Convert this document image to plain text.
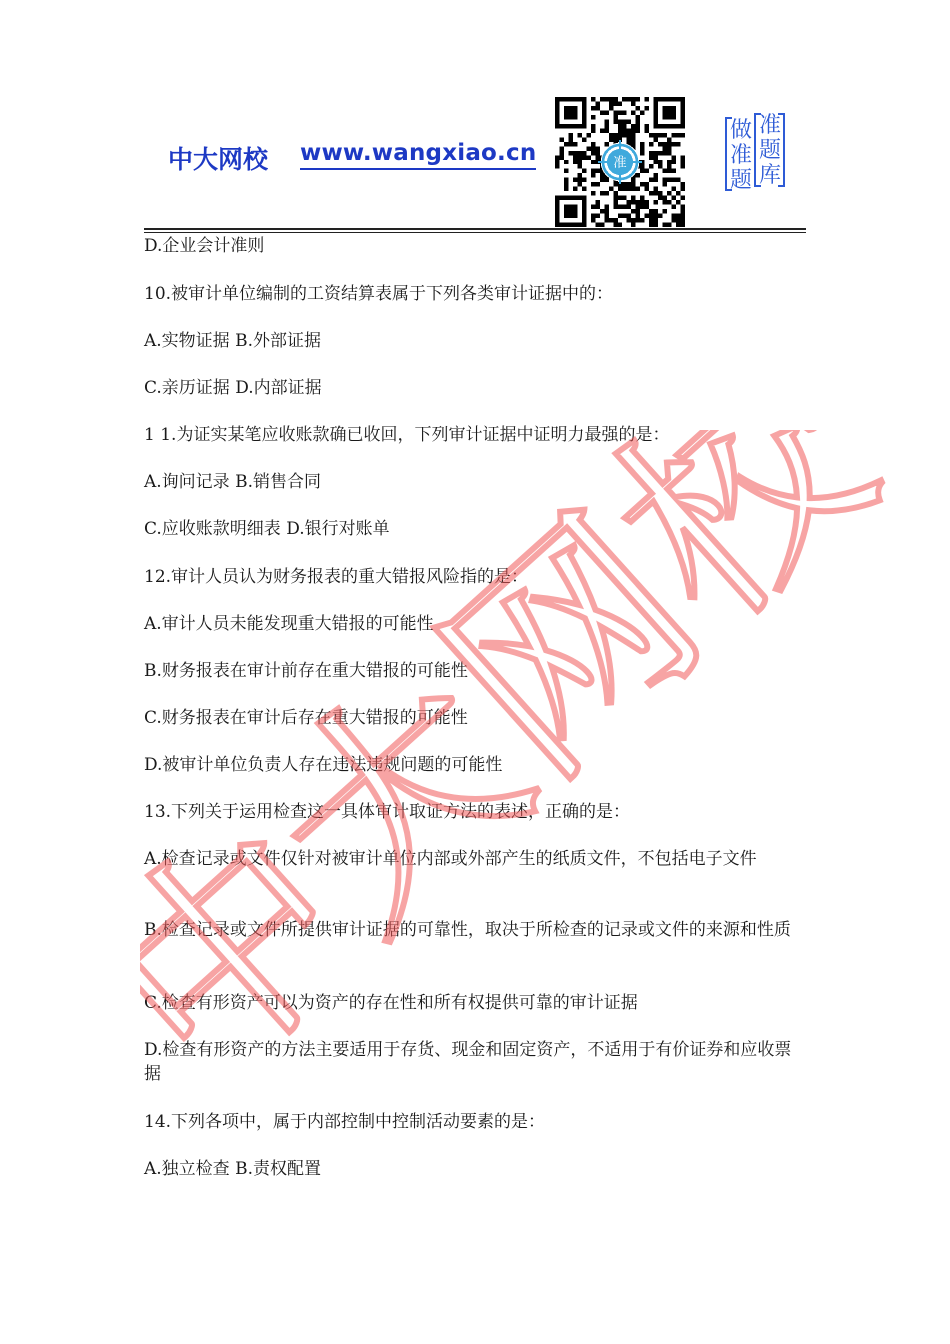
中大网校 www.wangxiao.cn	准
做
准
题
准
题
库

D.企业会计准则

10.被审计单位编制的工资结算表属于下列各类审计证据中的：

A.实物证据 B.外部证据

C.亲历证据 D.内部证据

1 1.为证实某笔应收账款确已收回，下列审计证据中证明力最强的是：

A.询问记录 B.销售合同

C.应收账款明细表 D.银行对账单

12.审计人员认为财务报表的重大错报风险指的是：

A.审计人员未能发现重大错报的可能性

B.财务报表在审计前存在重大错报的可能性

C.财务报表在审计后存在重大错报的可能性

D.被审计单位负责人存在违法违规问题的可能性

13.下列关于运用检查这一具体审计取证方法的表述，正确的是：

A.检查记录或文件仅针对被审计单位内部或外部产生的纸质文件，不包括电子文件

B.检查记录或文件所提供审计证据的可靠性，取决于所检查的记录或文件的来源和性质

C.检查有形资产可以为资产的存在性和所有权提供可靠的审计证据

D.检查有形资产的方法主要适用于存货、现金和固定资产，不适用于有价证券和应收票据

14.下列各项中，属于内部控制中控制活动要素的是：

A.独立检查 B.责权配置

中大网校
